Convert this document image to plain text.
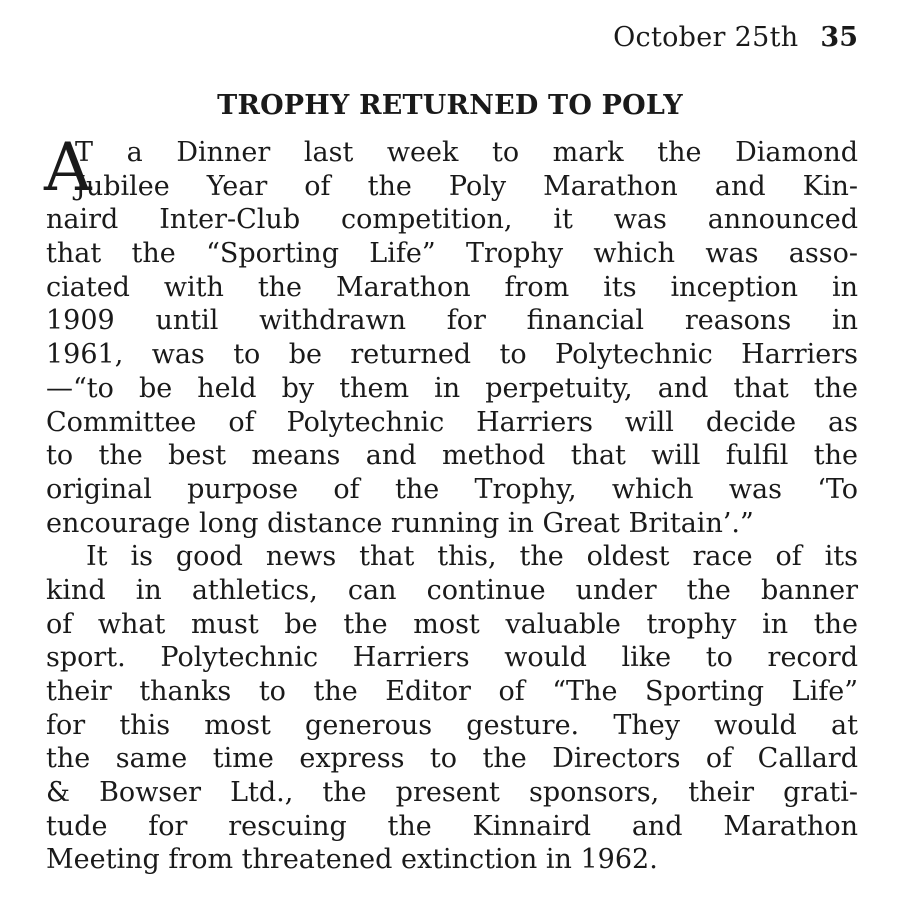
October 25th 35
TROPHY RETURNED TO POLY
A
T a Dinner last week to mark the Diamond
Jubilee Year of the Poly Marathon and Kin-
naird Inter-Club competition, it was announced
that the “Sporting Life” Trophy which was asso-
ciated with the Marathon from its inception in
1909 until withdrawn for financial reasons in
1961, was to be returned to Polytechnic Harriers
—“to be held by them in perpetuity, and that the
Committee of Polytechnic Harriers will decide as
to the best means and method that will fulfil the
original purpose of the Trophy, which was ‘To
encourage long distance running in Great Britain’.”
It is good news that this, the oldest race of its
kind in athletics, can continue under the banner
of what must be the most valuable trophy in the
sport. Polytechnic Harriers would like to record
their thanks to the Editor of “The Sporting Life”
for this most generous gesture. They would at
the same time express to the Directors of Callard
& Bowser Ltd., the present sponsors, their grati-
tude for rescuing the Kinnaird and Marathon
Meeting from threatened extinction in 1962.
